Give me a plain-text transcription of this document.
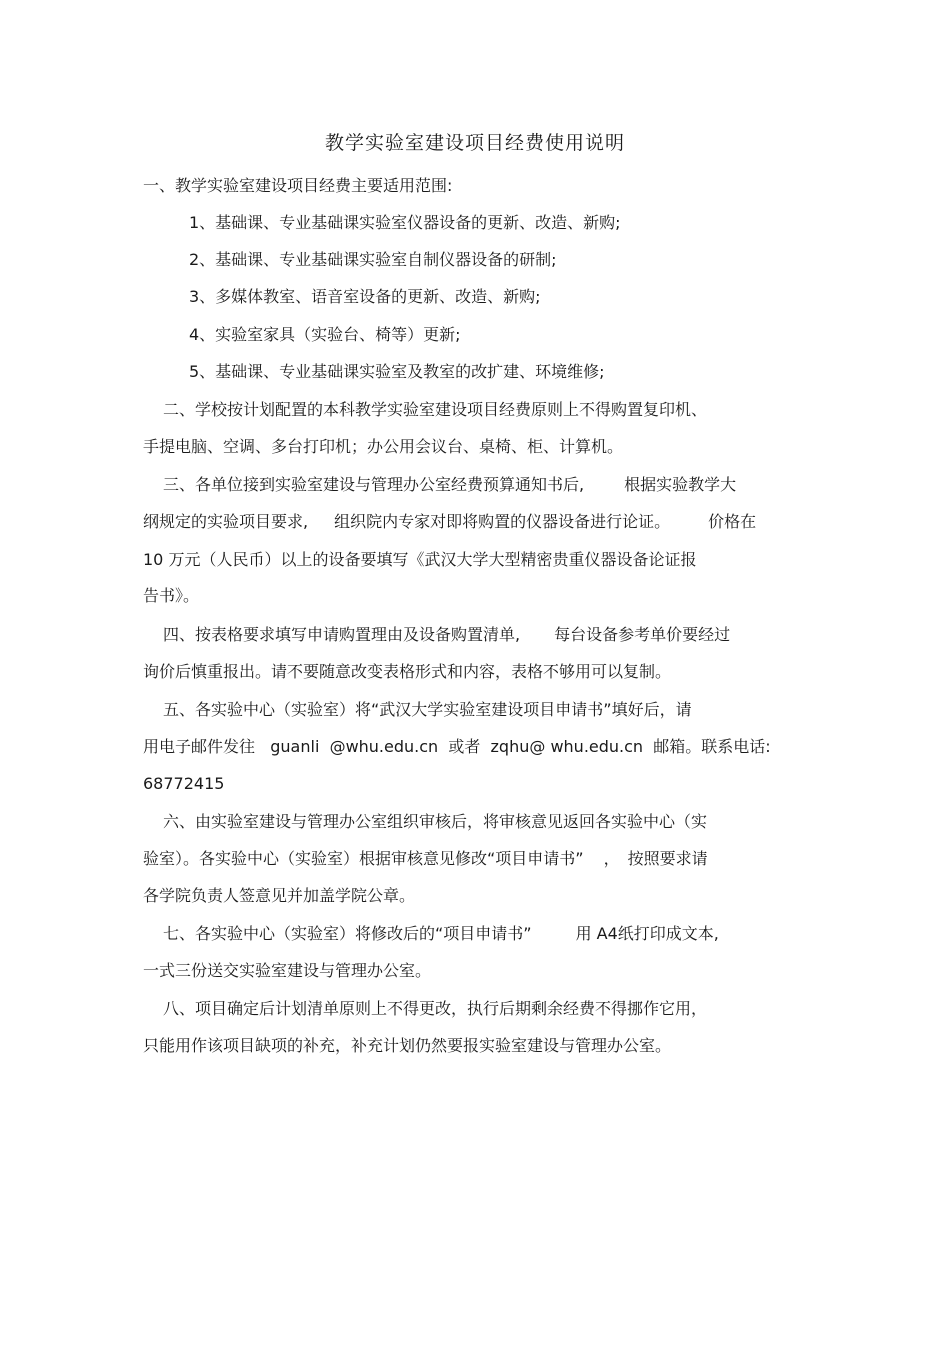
教学实验室建设项目经费使用说明
一、教学实验室建设项目经费主要适用范围:
1、基础课、专业基础课实验室仪器设备的更新、改造、新购;
2、基础课、专业基础课实验室自制仪器设备的研制;
3、多媒体教室、语音室设备的更新、改造、新购;
4、实验室家具（实验台、椅等）更新;
5、基础课、专业基础课实验室及教室的改扩建、环境维修;
二、学校按计划配置的本科教学实验室建设项目经费原则上不得购置复印机、
手提电脑、空调、多台打印机；办公用会议台、桌椅、柜、计算机。
三、各单位接到实验室建设与管理办公室经费预算通知书后,	根据实验教学大
纲规定的实验项目要求, 组织院内专家对即将购置的仪器设备进行论证。 价格在
10 万元（人民币）以上的设备要填写《武汉大学大型精密贵重仪器设备论证报
告书》。
四、按表格要求填写申请购置理由及设备购置清单, 每台设备参考单价要经过
询价后慎重报出。请不要随意改变表格形式和内容，表格不够用可以复制。
五、各实验中心（实验室）将“武汉大学实验室建设项目申请书”填好后，请
用电子邮件发往   guanli  @whu.edu.cn  或者  zqhu@ whu.edu.cn  邮箱。联系电话:
68772415
六、由实验室建设与管理办公室组织审核后，将审核意见返回各实验中心（实
验室）。各实验中心（实验室）根据审核意见修改“项目申请书” ， 按照要求请
各学院负责人签意见并加盖学院公章。
七、各实验中心（实验室）将修改后的“项目申请书”	用 A4纸打印成文本,
一式三份送交实验室建设与管理办公室。
八、项目确定后计划清单原则上不得更改，执行后期剩余经费不得挪作它用，
只能用作该项目缺项的补充，补充计划仍然要报实验室建设与管理办公室。
